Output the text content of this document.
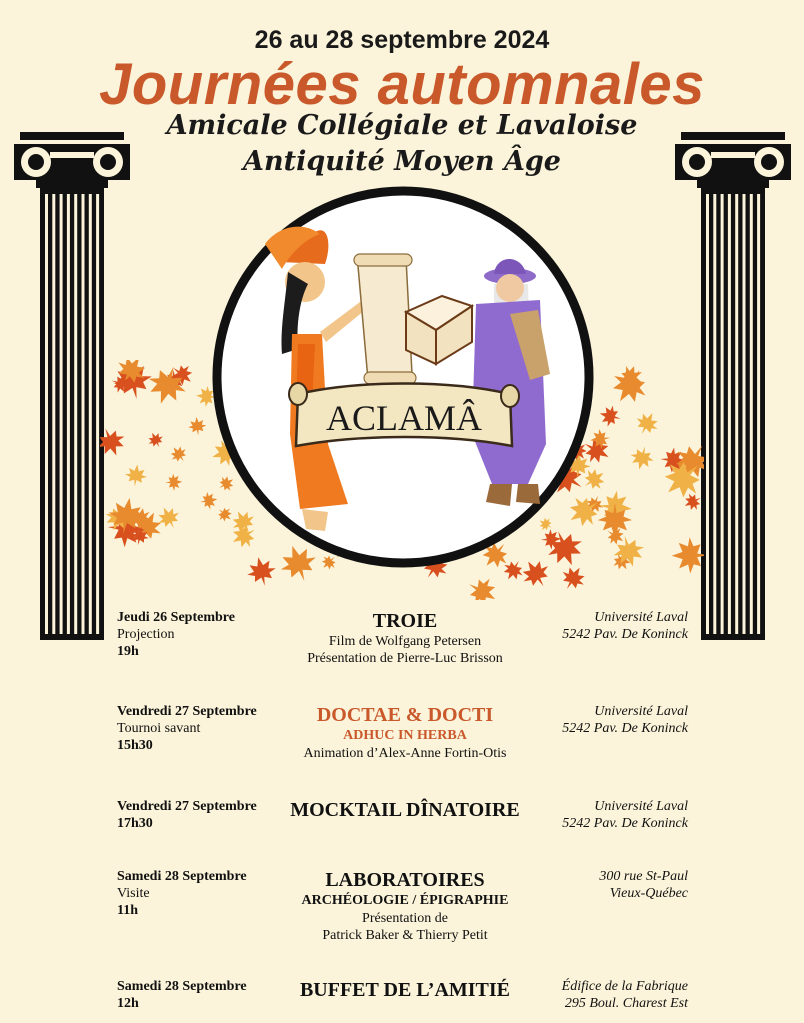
26 au 28 septembre 2024
Journées automnales
Amicale Collégiale et Lavaloise
Antiquité Moyen Âge
ACLAMÂ
Jeudi 26 Septembre
Projection
19h
TROIE
Film de Wolfgang Petersen
Présentation de Pierre-Luc Brisson
Université Laval
5242 Pav. De Koninck
Vendredi 27 Septembre
Tournoi savant
15h30
DOCTAE & DOCTI
ADHUC IN HERBA
Animation d’Alex-Anne Fortin-Otis
Université Laval
5242 Pav. De Koninck
Vendredi 27 Septembre
17h30
MOCKTAIL DÎNATOIRE	Université Laval
5242 Pav. De Koninck
Samedi 28 Septembre
Visite
11h
LABORATOIRES
ARCHÉOLOGIE / ÉPIGRAPHIE
Présentation de
Patrick Baker & Thierry Petit
300 rue St-Paul
Vieux-Québec
Samedi 28 Septembre
12h
BUFFET DE L’AMITIÉ	Édifice de la Fabrique
295 Boul. Charest Est
